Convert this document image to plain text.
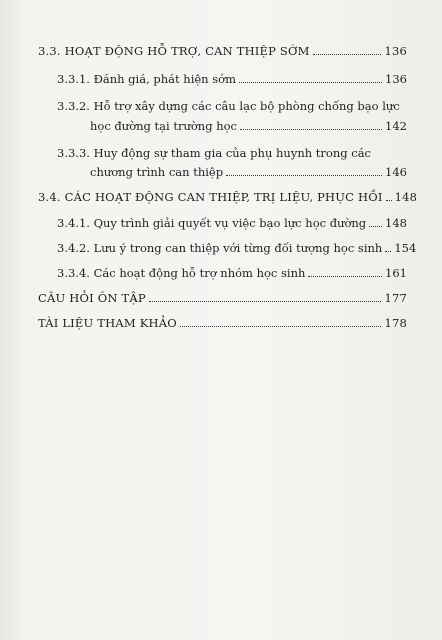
3.3. HOẠT ĐỘNG HỖ TRỢ, CAN THIỆP SỚM	136
3.3.1. Đánh giá, phát hiện sớm	136
3.3.2. Hỗ trợ xây dựng các câu lạc bộ phòng chống bạo lực
học đường tại trường học	142
3.3.3. Huy động sự tham gia của phụ huynh trong các
chương trình can thiệp	146
3.4. CÁC HOẠT ĐỘNG CAN THIỆP, TRỊ LIỆU, PHỤC HỒI 148
3.4.1. Quy trình giải quyết vụ việc bạo lực học đường 148
3.4.2. Lưu ý trong can thiệp với từng đối tượng học sinh 154
3.3.4. Các hoạt động hỗ trợ nhóm học sinh	161
CÂU HỎI ÔN TẬP	177
TÀI LIỆU THAM KHẢO	178
